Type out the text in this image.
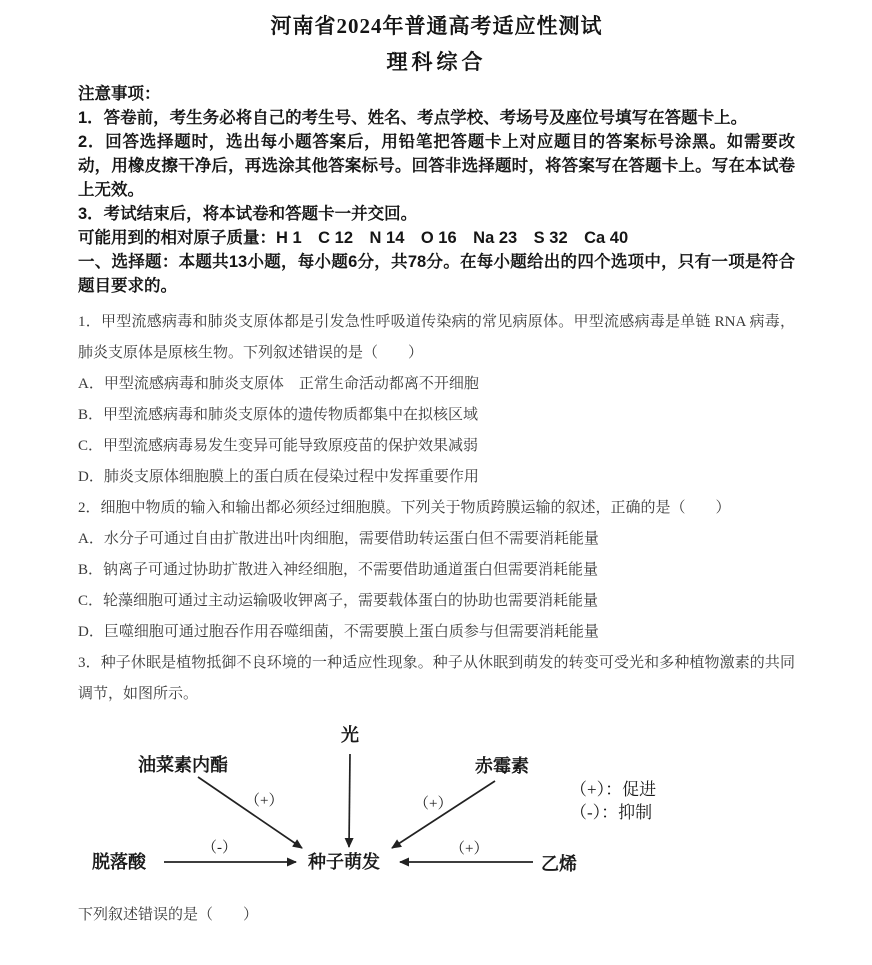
河南省2024年普通高考适应性测试
理科综合

注意事项：

1．答卷前，考生务必将自己的考生号、姓名、考点学校、考场号及座位号填写在答题卡上。

2．回答选择题时，选出每小题答案后，用铅笔把答题卡上对应题目的答案标号涂黑。如需要改动，用橡皮擦干净后，再选涂其他答案标号。回答非选择题时，将答案写在答题卡上。写在本试卷上无效。

3．考试结束后，将本试卷和答题卡一并交回。

可能用到的相对原子质量：H 1　C 12　N 14　O 16　Na 23　S 32　Ca 40

一、选择题：本题共13小题，每小题6分，共78分。在每小题给出的四个选项中，只有一项是符合题目要求的。

1．甲型流感病毒和肺炎支原体都是引发急性呼吸道传染病的常见病原体。甲型流感病毒是单链 RNA 病毒，肺炎支原体是原核生物。下列叙述错误的是（　　）

A．甲型流感病毒和肺炎支原体　正常生命活动都离不开细胞

B．甲型流感病毒和肺炎支原体的遗传物质都集中在拟核区域

C．甲型流感病毒易发生变异可能导致原疫苗的保护效果减弱

D．肺炎支原体细胞膜上的蛋白质在侵染过程中发挥重要作用

2．细胞中物质的输入和输出都必须经过细胞膜。下列关于物质跨膜运输的叙述，正确的是（　　）

A．水分子可通过自由扩散进出叶肉细胞，需要借助转运蛋白但不需要消耗能量

B．钠离子可通过协助扩散进入神经细胞，不需要借助通道蛋白但需要消耗能量

C．轮藻细胞可通过主动运输吸收钾离子，需要载体蛋白的协助也需要消耗能量

D．巨噬细胞可通过胞吞作用吞噬细菌，不需要膜上蛋白质参与但需要消耗能量

3．种子休眠是植物抵御不良环境的一种适应性现象。种子从休眠到萌发的转变可受光和多种植物激素的共同调节，如图所示。

光
油菜素内酯	赤霉素
脱落酸	种子萌发	乙烯
（+）	（+）
（-）	（+）

（+）：促进

（-）：抑制

下列叙述错误的是（　　）
